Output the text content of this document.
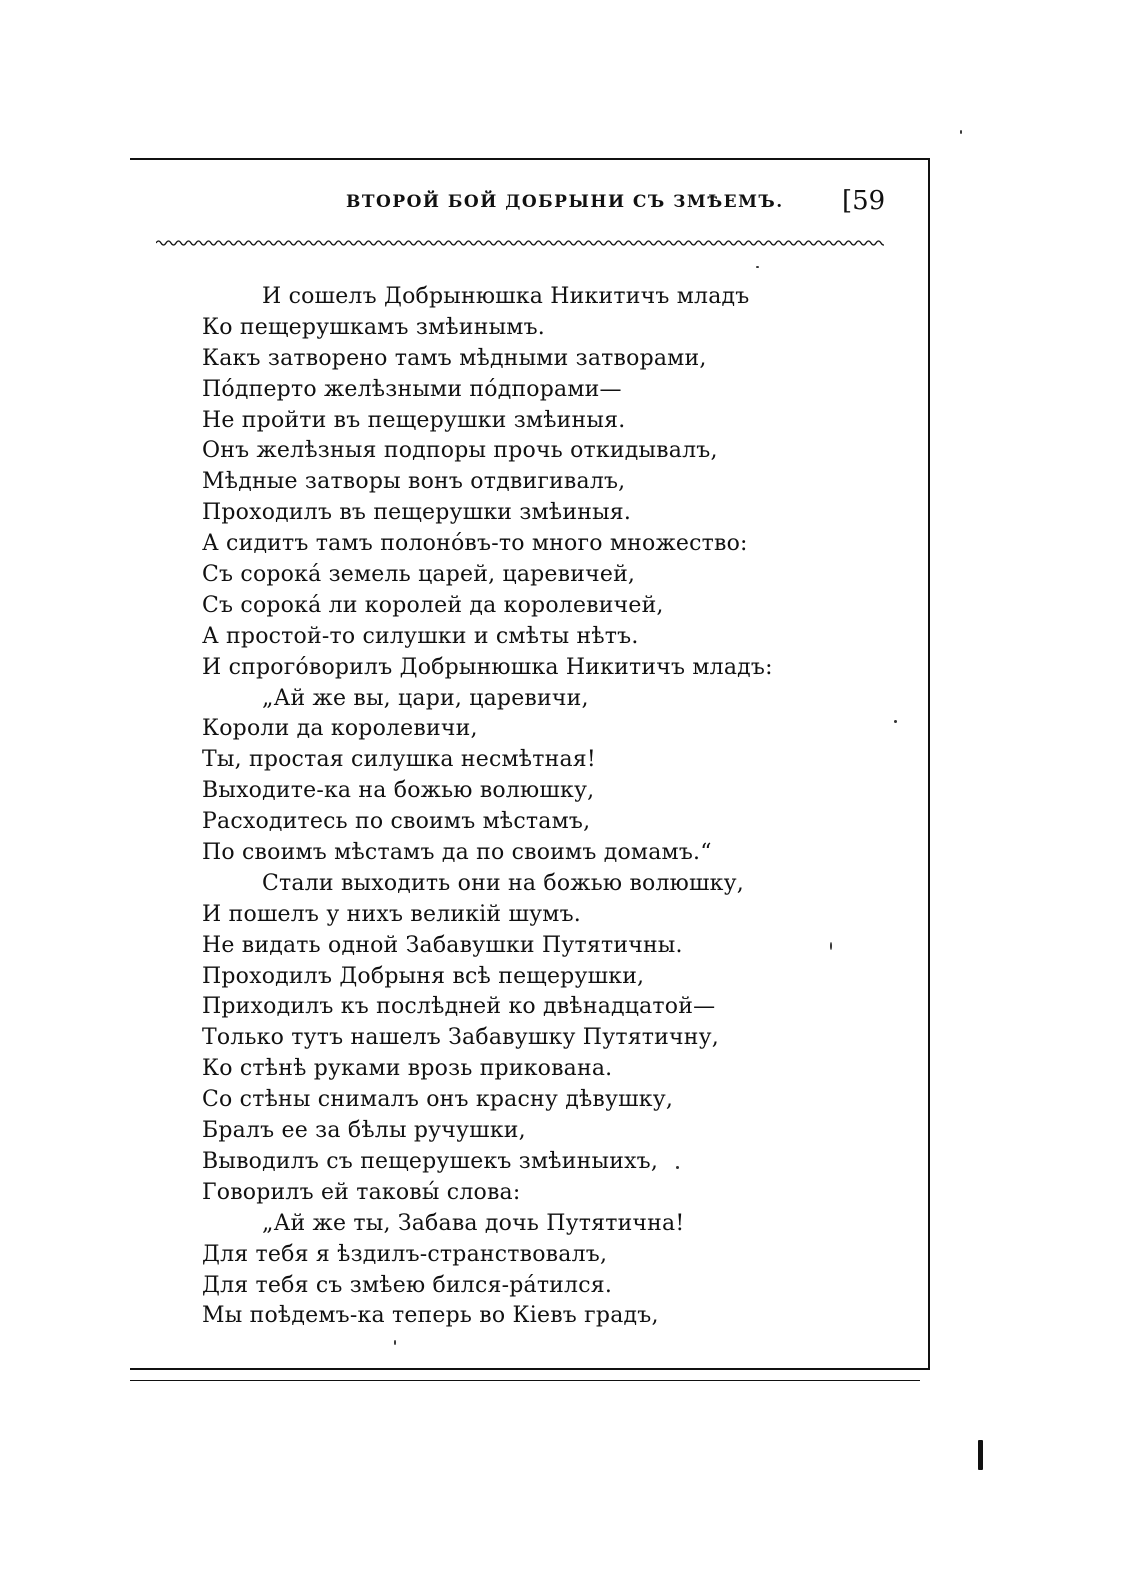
ВТОРОЙ БОЙ ДОБРЫНИ СЪ ЗМѢЕМЪ. [59
И сошелъ Добрынюшка Никитичъ младъ
Ко пещерушкамъ змѣинымъ.
Какъ затворено тамъ мѣдными затворами,
Пóдперто желѣзными пóдпорами—
Не пройти въ пещерушки змѣиныя.
Онъ желѣзныя подпоры прочь откидывалъ,
Мѣдные затворы вонъ отдвигивалъ,
Проходилъ въ пещерушки змѣиныя.
А сидитъ тамъ полонóвъ-то много множество:
Съ сорокá земель царей, царевичей,
Съ сорокá ли королей да королевичей,
А простой-то силушки и смѣты нѣтъ.
И спрогóворилъ Добрынюшка Никитичъ младъ:
„Ай же вы, цари, царевичи,
Короли да королевичи,
Ты, простая силушка несмѣтная!
Выходите-ка на божью волюшку,
Расходитесь по своимъ мѣстамъ,
По своимъ мѣстамъ да по своимъ домамъ.“
Стали выходить они на божью волюшку,
И пошелъ у нихъ великій шумъ.
Не видать одной Забавушки Путятичны.
Проходилъ Добрыня всѣ пещерушки,
Приходилъ къ послѣдней ко двѣнадцатой—
Только тутъ нашелъ Забавушку Путятичну,
Ко стѣнѣ руками врозь прикована.
Со стѣны снималъ онъ красну дѣвушку,
Бралъ ее за бѣлы ручушки,
Выводилъ съ пещерушекъ змѣиныихъ,
Говорилъ ей таковы́ слова:
„Ай же ты, Забава дочь Путятична!
Для тебя я ѣздилъ-странствовалъ,
Для тебя съ змѣею бился-рáтился.
Мы поѣдемъ-ка теперь во Кіевъ градъ,
